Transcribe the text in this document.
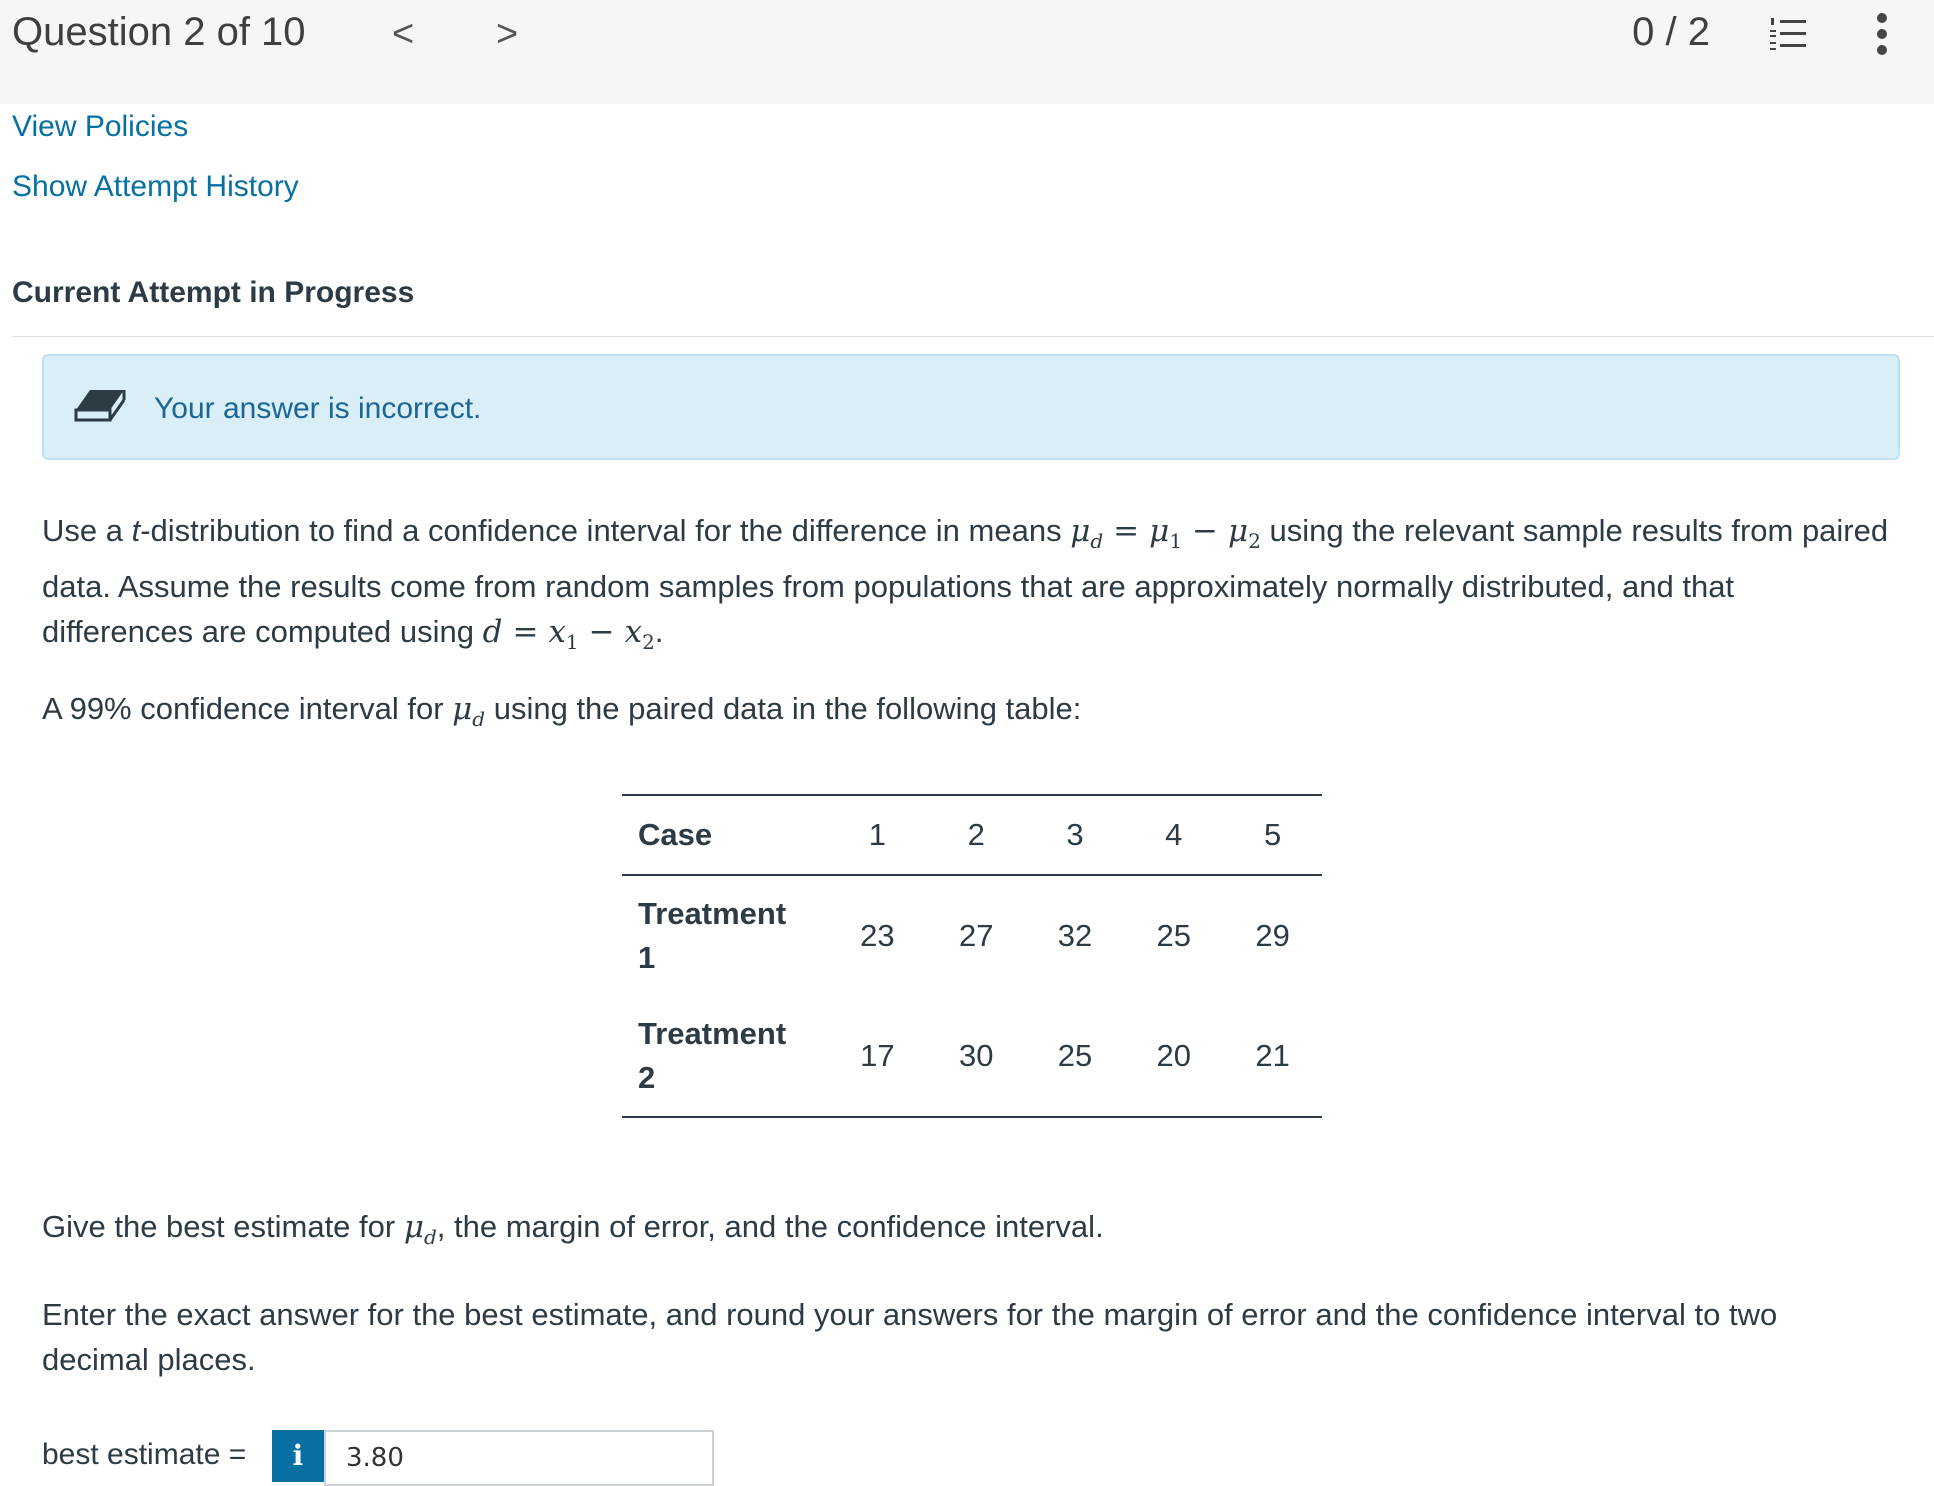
Question 2 of 10 < >	0 / 2
View Policies
Show Attempt History
Current Attempt in Progress
Your answer is incorrect.
Use a t-distribution to find a confidence interval for the difference in means $\mu_d = \mu_1 - \mu_2$ using the relevant sample results from paired data. Assume the results come from random samples from populations that are approximately normally distributed, and that differences are computed using $d = x_1 - x_2$.
A 99% confidence interval for $\mu_d$ using the paired data in the following table:
Case	1	2	3	4	5

Treatment
1	23	27	32	25	29

Treatment
2	17	30	25	20	21
Give the best estimate for $\mu_d$, the margin of error, and the confidence interval.
Enter the exact answer for the best estimate, and round your answers for the margin of error and the confidence interval to two decimal places.
best estimate =	i
3.80
